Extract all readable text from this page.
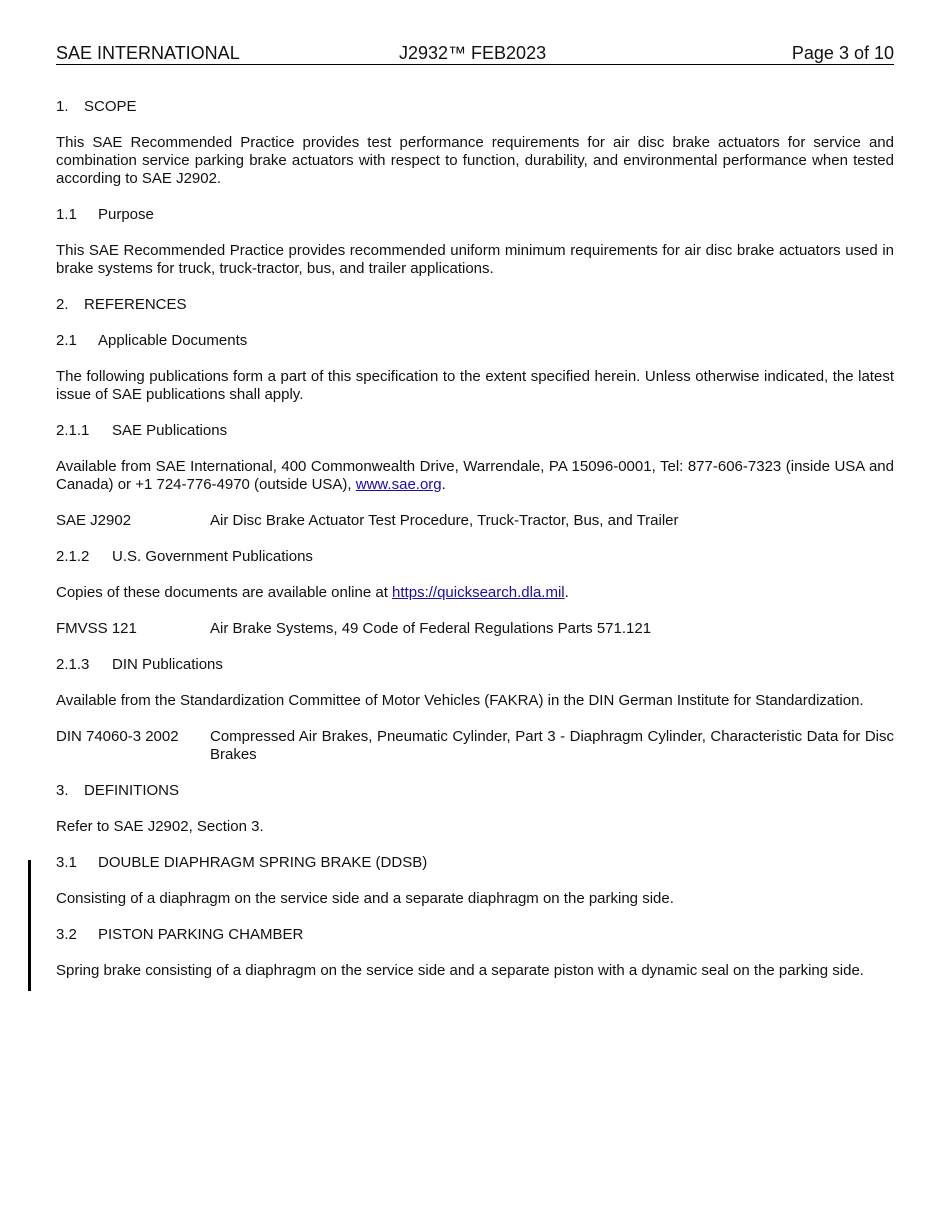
SAE INTERNATIONAL	J2932™ FEB2023	Page 3 of 10
1. SCOPE

This SAE Recommended Practice provides test performance requirements for air disc brake actuators for service and combination service parking brake actuators with respect to function, durability, and environmental performance when tested according to SAE J2902.

1.1 Purpose

This SAE Recommended Practice provides recommended uniform minimum requirements for air disc brake actuators used in brake systems for truck, truck-tractor, bus, and trailer applications.

2. REFERENCES
2.1 Applicable Documents

The following publications form a part of this specification to the extent specified herein. Unless otherwise indicated, the latest issue of SAE publications shall apply.

2.1.1 SAE Publications

Available from SAE International, 400 Commonwealth Drive, Warrendale, PA 15096-0001, Tel: 877-606-7323 (inside USA and Canada) or +1 724-776-4970 (outside USA), www.sae.org.

SAE J2902	Air Disc Brake Actuator Test Procedure, Truck-Tractor, Bus, and Trailer
2.1.2 U.S. Government Publications

Copies of these documents are available online at https://quicksearch.dla.mil.

FMVSS 121	Air Brake Systems, 49 Code of Federal Regulations Parts 571.121
2.1.3 DIN Publications

Available from the Standardization Committee of Motor Vehicles (FAKRA) in the DIN German Institute for Standardization.

DIN 74060-3 2002	Compressed Air Brakes, Pneumatic Cylinder, Part 3 - Diaphragm Cylinder, Characteristic Data for Disc Brakes
3. DEFINITIONS

Refer to SAE J2902, Section 3.

3.1 DOUBLE DIAPHRAGM SPRING BRAKE (DDSB)

Consisting of a diaphragm on the service side and a separate diaphragm on the parking side.

3.2 PISTON PARKING CHAMBER

Spring brake consisting of a diaphragm on the service side and a separate piston with a dynamic seal on the parking side.
